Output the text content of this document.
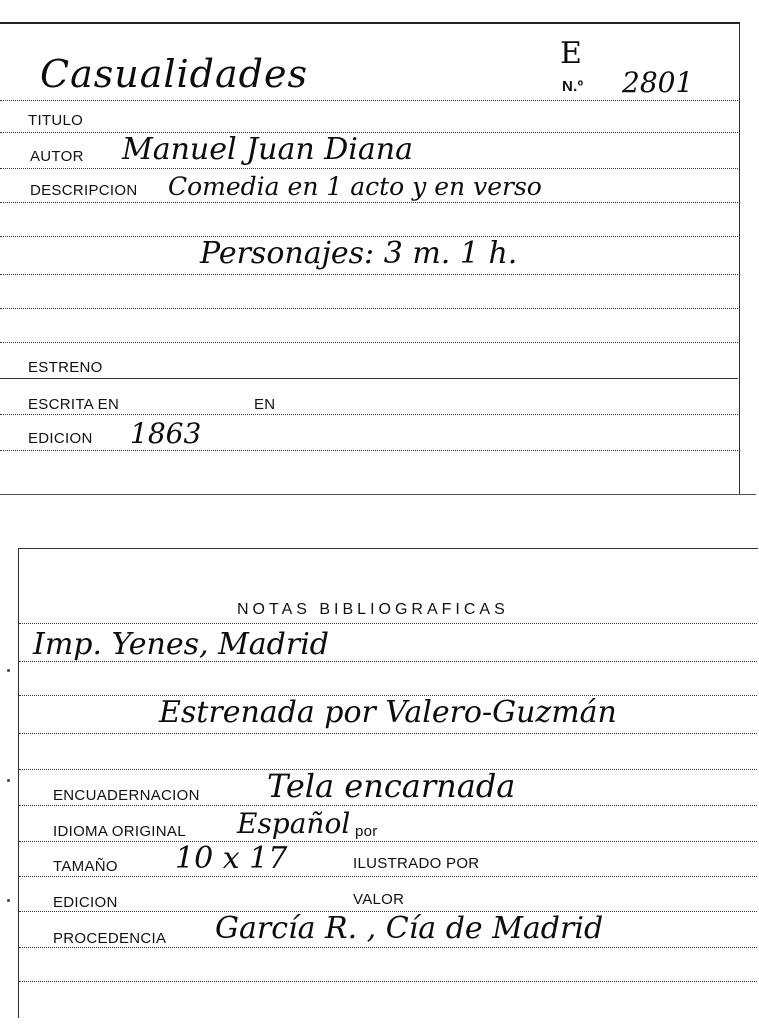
Casualidades	E
N.º 2801
TITULO
AUTOR Manuel Juan Diana
DESCRIPCION Comedia en 1 acto y en verso
Personajes: 3 m. 1 h.
ESTRENO
ESCRITA EN	EN
EDICION 1863
NOTAS BIBLIOGRAFICAS
Imp. Yenes, Madrid
Estrenada por Valero-Guzmán
ENCUADERNACION Tela encarnada
IDIOMA ORIGINAL Español por
TAMAÑO 10 x 17	ILUSTRADO POR
EDICION	VALOR
PROCEDENCIA García R. , Cía de Madrid
